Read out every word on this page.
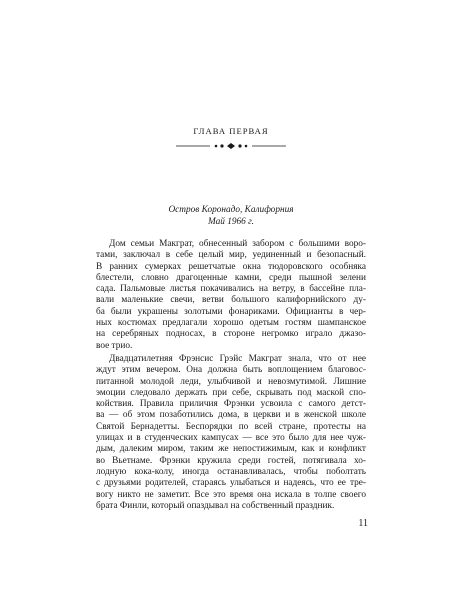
ГЛАВА ПЕРВАЯ
Остров Коронадо, Калифорния
Май 1966 г.
Дом семьи Макграт, обнесенный забором с большими воро-
тами, заключал в себе целый мир, уединенный и безопасный.
В ранних сумерках решетчатые окна тюдоровского особняка
блестели, словно драгоценные камни, среди пышной зелени
сада. Пальмовые листья покачивались на ветру, в бассейне пла-
вали маленькие свечи, ветви большого калифорнийского ду-
ба были украшены золотыми фонариками. Официанты в чер-
ных костюмах предлагали хорошо одетым гостям шампанское
на серебряных подносах, в стороне негромко играло джазо-
вое трио.
Двадцатилетняя Фрэнсис Грэйс Макграт знала, что от нее
ждут этим вечером. Она должна быть воплощением благовос-
питанной молодой леди, улыбчивой и невозмутимой. Лишние
эмоции следовало держать при себе, скрывать под маской спо-
койствия. Правила приличия Фрэнки усвоила с самого детст-
ва — об этом позаботились дома, в церкви и в женской школе
Святой Бернадетты. Беспорядки по всей стране, протесты на
улицах и в студенческих кампусах — все это было для нее чуж-
дым, далеким миром, таким же непостижимым, как и конфликт
во Вьетнаме. Фрэнки кружила среди гостей, потягивала хо-
лодную кока-колу, иногда останавливалась, чтобы поболтать
с друзьями родителей, стараясь улыбаться и надеясь, что ее тре-
вогу никто не заметит. Все это время она искала в толпе своего
брата Финли, который опаздывал на собственный праздник.
11
